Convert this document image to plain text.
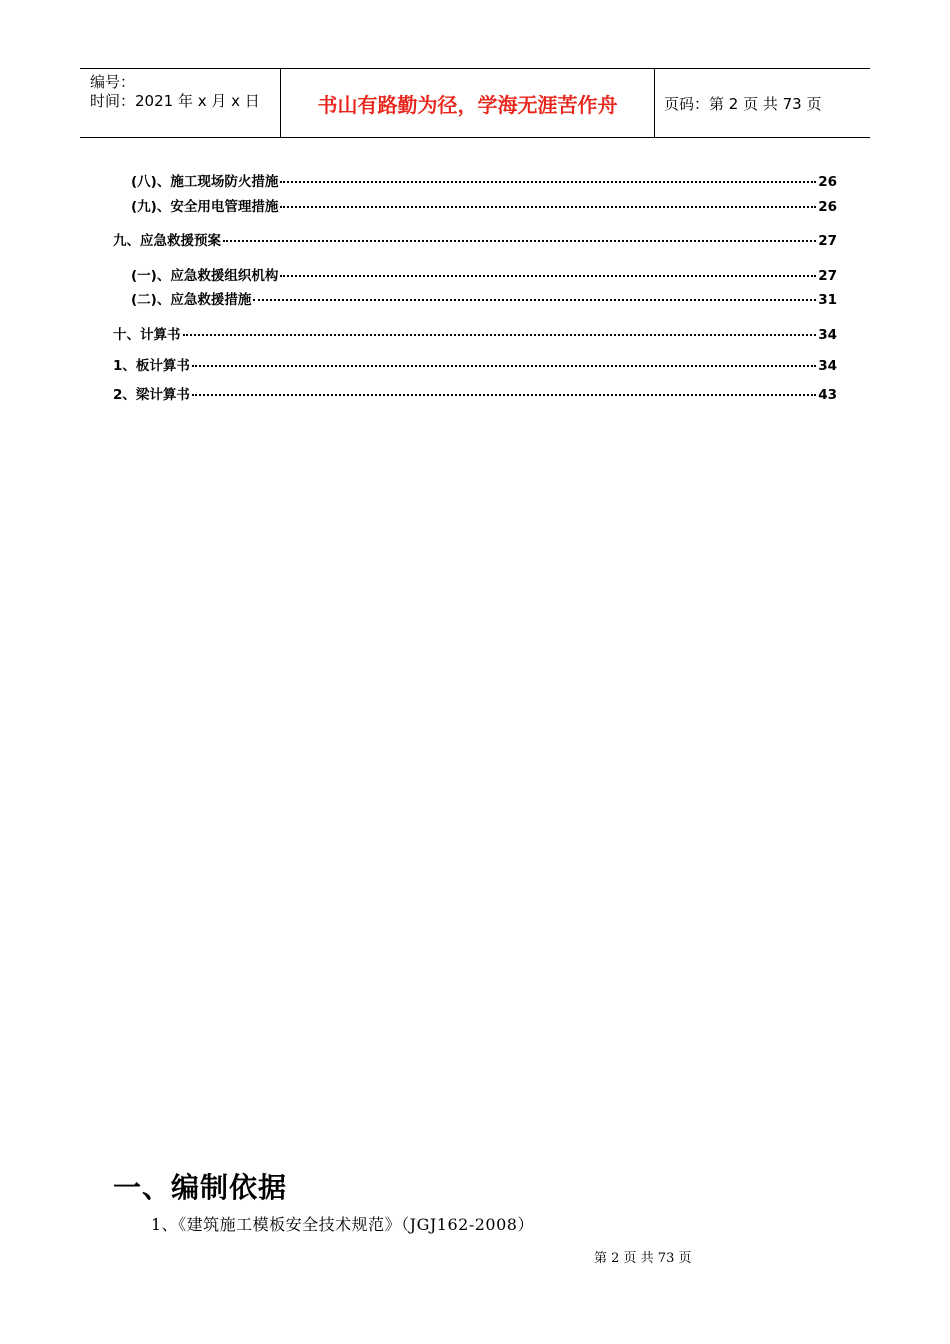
编号：
时间：2021 年 x 月 x 日	书山有路勤为径，学海无涯苦作舟	页码：第 2 页 共 73 页
(八)、施工现场防火措施	26
(九)、安全用电管理措施	26
九、应急救援预案	27
(一)、应急救援组织机构	27
(二)、应急救援措施	31
十、计算书	34
1、板计算书	34
2、梁计算书	43
一、编制依据
1、《建筑施工模板安全技术规范》（JGJ162-2008）
第 2 页 共 73 页
